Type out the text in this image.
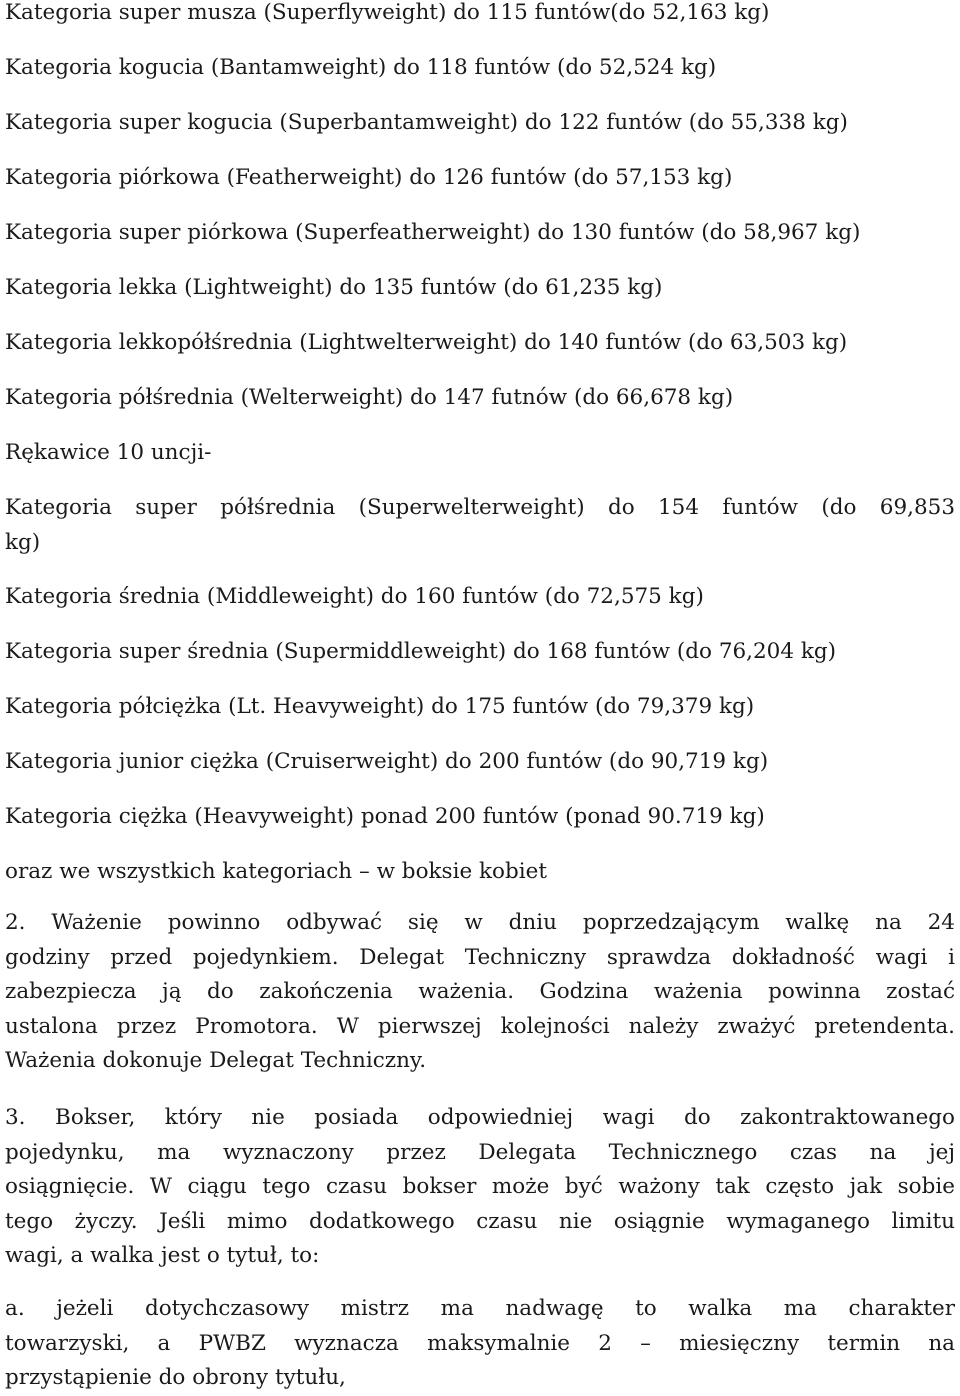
Kategoria super musza (Superflyweight) do 115 funtów(do 52,163 kg)
Kategoria kogucia (Bantamweight) do 118 funtów (do 52,524 kg)
Kategoria super kogucia (Superbantamweight) do 122 funtów (do 55,338 kg)
Kategoria piórkowa (Featherweight) do 126 funtów (do 57,153 kg)
Kategoria super piórkowa (Superfeatherweight) do 130 funtów (do 58,967 kg)
Kategoria lekka (Lightweight) do 135 funtów (do 61,235 kg)
Kategoria lekkopółśrednia (Lightwelterweight) do 140 funtów (do 63,503 kg)
Kategoria półśrednia (Welterweight) do 147 futnów (do 66,678 kg)
Rękawice 10 uncji-
Kategoria super półśrednia (Superwelterweight) do 154 funtów (do 69,853
kg)
Kategoria średnia (Middleweight) do 160 funtów (do 72,575 kg)
Kategoria super średnia (Supermiddleweight) do 168 funtów (do 76,204 kg)
Kategoria półciężka (Lt. Heavyweight) do 175 funtów (do 79,379 kg)
Kategoria junior ciężka (Cruiserweight) do 200 funtów (do 90,719 kg)
Kategoria ciężka (Heavyweight) ponad 200 funtów (ponad 90.719 kg)
oraz we wszystkich kategoriach – w boksie kobiet
2. Ważenie powinno odbywać się w dniu poprzedzającym walkę na 24
godziny przed pojedynkiem. Delegat Techniczny sprawdza dokładność wagi i
zabezpiecza ją do zakończenia ważenia. Godzina ważenia powinna zostać
ustalona przez Promotora. W pierwszej kolejności należy zważyć pretendenta.
Ważenia dokonuje Delegat Techniczny.
3. Bokser, który nie posiada odpowiedniej wagi do zakontraktowanego
pojedynku, ma wyznaczony przez Delegata Technicznego czas na jej
osiągnięcie. W ciągu tego czasu bokser może być ważony tak często jak sobie
tego życzy. Jeśli mimo dodatkowego czasu nie osiągnie wymaganego limitu
wagi, a walka jest o tytuł, to:
a. jeżeli dotychczasowy mistrz ma nadwagę to walka ma charakter
towarzyski, a PWBZ wyznacza maksymalnie 2 – miesięczny termin na
przystąpienie do obrony tytułu,
